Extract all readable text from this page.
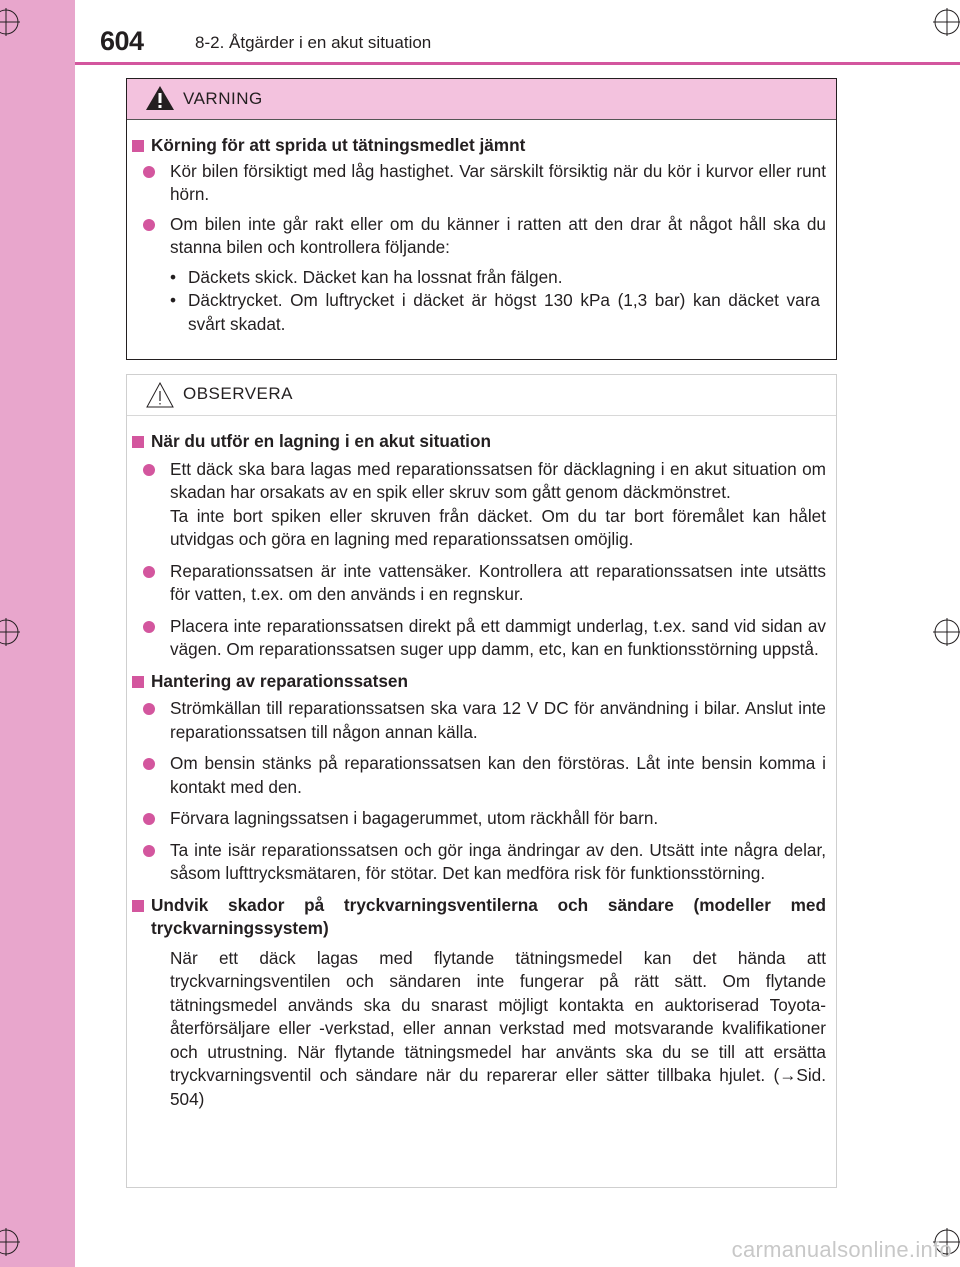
604	8-2. Åtgärder i en akut situation
VARNING
Körning för att sprida ut tätningsmedlet jämnt
Kör bilen försiktigt med låg hastighet. Var särskilt försiktig när du kör i kurvor eller runt hörn.
Om bilen inte går rakt eller om du känner i ratten att den drar åt något håll ska du stanna bilen och kontrollera följande:
• Däckets skick. Däcket kan ha lossnat från fälgen.
• Däcktrycket. Om luftrycket i däcket är högst 130 kPa (1,3 bar) kan däcket vara svårt skadat.
OBSERVERA
När du utför en lagning i en akut situation
Ett däck ska bara lagas med reparationssatsen för däcklagning i en akut situation om skadan har orsakats av en spik eller skruv som gått genom däckmönstret.
Ta inte bort spiken eller skruven från däcket. Om du tar bort föremålet kan hålet utvidgas och göra en lagning med reparationssatsen omöjlig.
Reparationssatsen är inte vattensäker. Kontrollera att reparationssatsen inte utsätts för vatten, t.ex. om den används i en regnskur.
Placera inte reparationssatsen direkt på ett dammigt underlag, t.ex. sand vid sidan av vägen. Om reparationssatsen suger upp damm, etc, kan en funktionsstörning uppstå.
Hantering av reparationssatsen
Strömkällan till reparationssatsen ska vara 12 V DC för användning i bilar. Anslut inte reparationssatsen till någon annan källa.
Om bensin stänks på reparationssatsen kan den förstöras. Låt inte bensin komma i kontakt med den.
Förvara lagningssatsen i bagagerummet, utom räckhåll för barn.
Ta inte isär reparationssatsen och gör inga ändringar av den. Utsätt inte några delar, såsom lufttrycksmätaren, för stötar. Det kan medföra risk för funktionsstörning.
Undvik skador på tryckvarningsventilerna och sändare (modeller med tryckvarningssystem)
När ett däck lagas med flytande tätningsmedel kan det hända att tryckvarningsventilen och sändaren inte fungerar på rätt sätt. Om flytande tätningsmedel används ska du snarast möjligt kontakta en auktoriserad Toyota-återförsäljare eller -verkstad, eller annan verkstad med motsvarande kvalifikationer och utrustning. När flytande tätningsmedel har använts ska du se till att ersätta tryckvarningsventil och sändare när du reparerar eller sätter tillbaka hjulet. (→Sid. 504)
carmanualsonline.info
